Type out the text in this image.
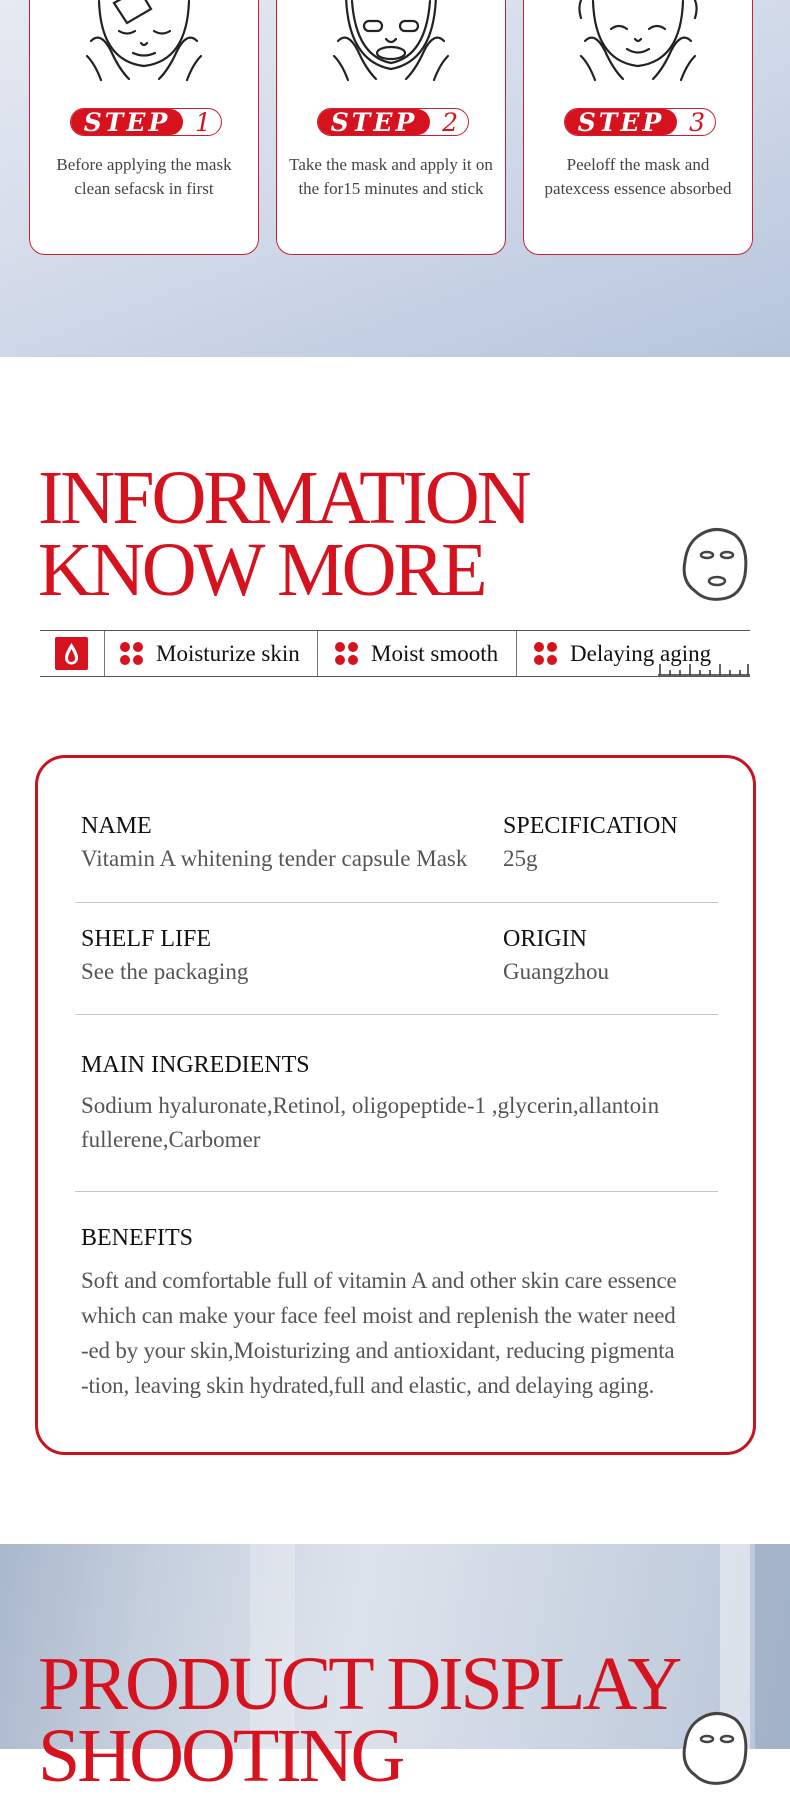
STEP 1
Before applying the mask clean sefacsk in first
STEP 2
Take the mask and apply it on the for15 minutes and stick
STEP 3
Peeloff the mask and patexcess essence absorbed
INFORMATION
KNOW MORE
Moisturize skin	Moist smooth	Delaying aging
NAME
Vitamin A whitening tender capsule Mask
SPECIFICATION
25g
SHELF LIFE
See the packaging
ORIGIN
Guangzhou
MAIN INGREDIENTS
Sodium hyaluronate,Retinol, oligopeptide-1 ,glycerin,allantoin
fullerene,Carbomer
BENEFITS
Soft and comfortable full of vitamin A and other skin care essence
which can make your face feel moist and replenish the water need
-ed by your skin,Moisturizing and antioxidant, reducing pigmenta
-tion, leaving skin hydrated,full and elastic, and delaying aging.
PRODUCT DISPLAY
SHOOTING
